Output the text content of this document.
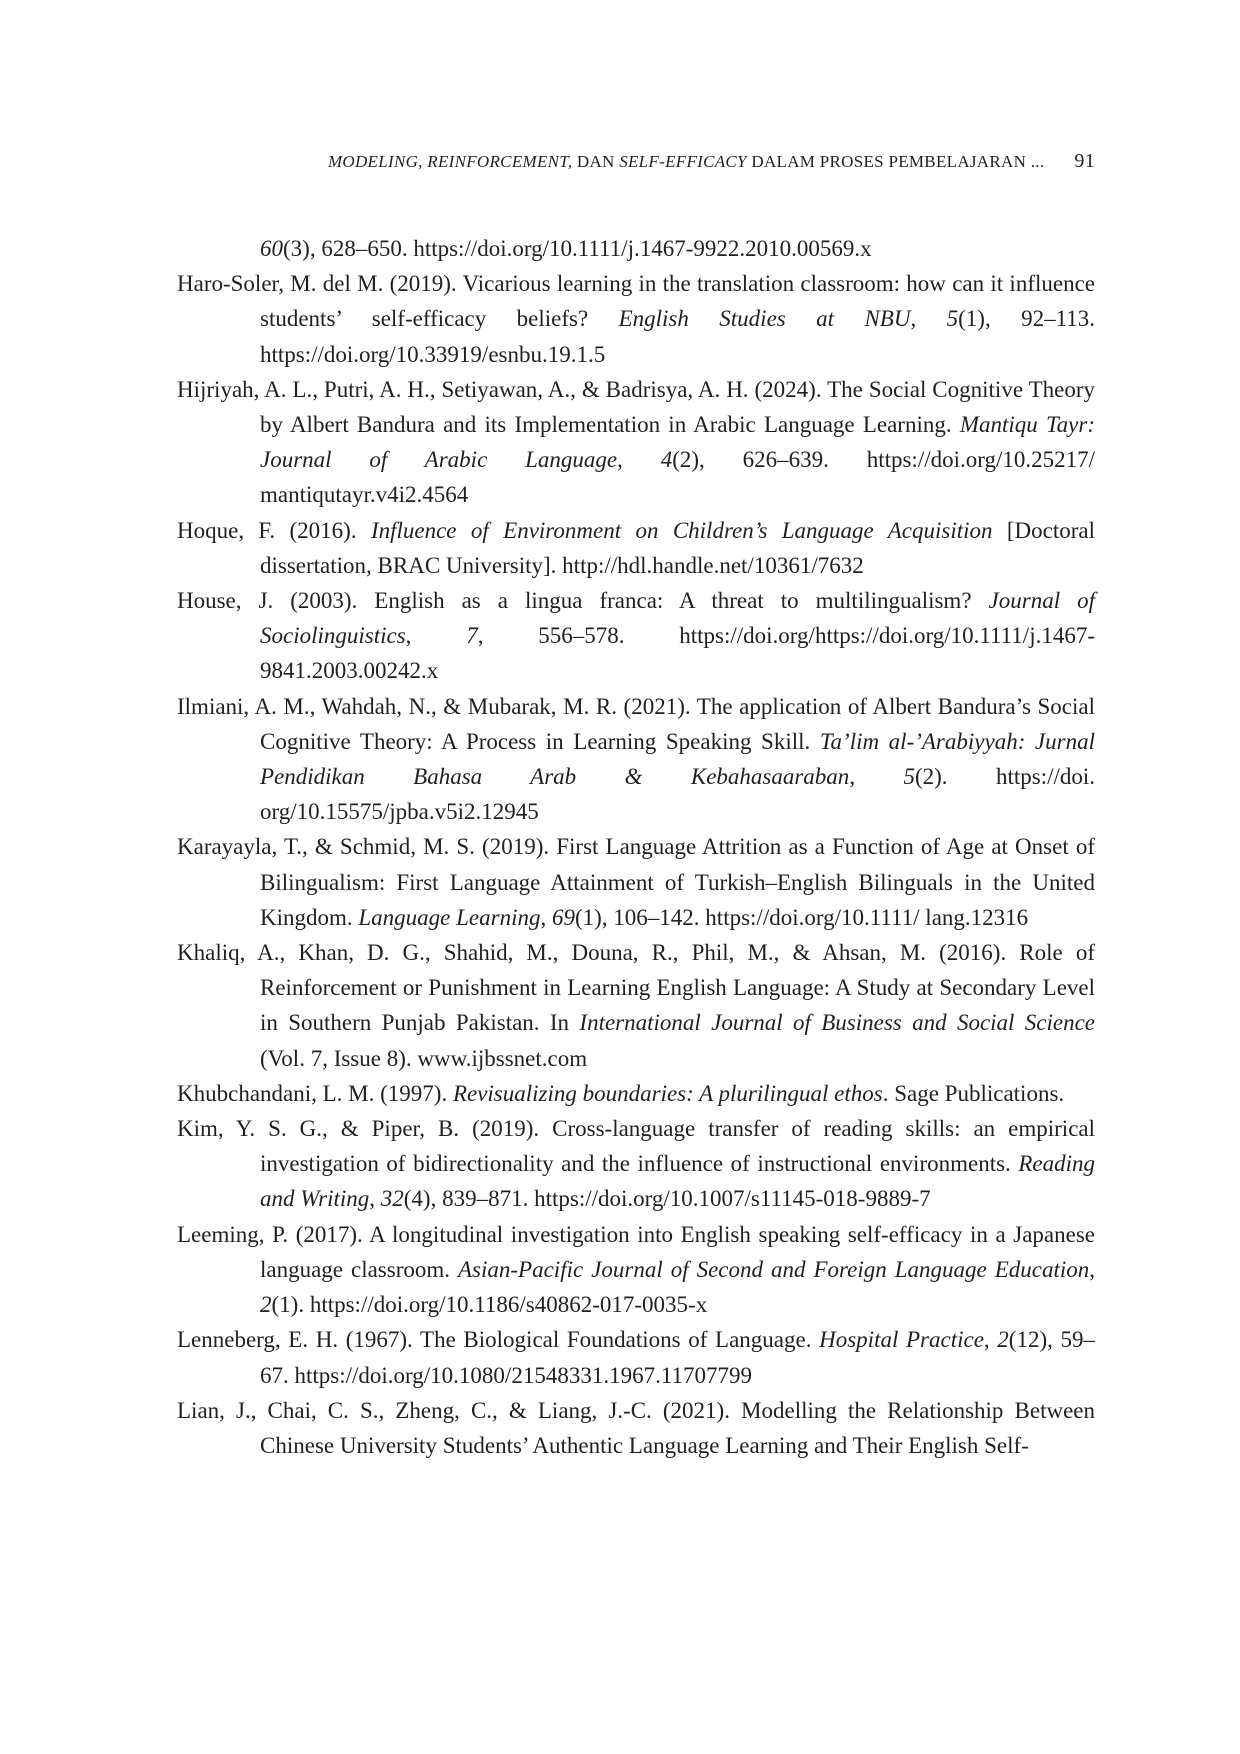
MODELING, REINFORCEMENT, DAN SELF-EFFICACY DALAM PROSES PEMBELAJARAN ... 91

60(3), 628–650. https://doi.org/10.1111/j.1467-9922.2010.00569.x

Haro-Soler, M. del M. (2019). Vicarious learning in the translation classroom: how can it influence students’ self-efficacy beliefs? English Studies at NBU, 5(1), 92–113. https://doi.org/10.33919/esnbu.19.1.5

Hijriyah, A. L., Putri, A. H., Setiyawan, A., & Badrisya, A. H. (2024). The Social Cognitive Theory by Albert Bandura and its Implementation in Arabic Language Learning. Mantiqu Tayr: Journal of Arabic Language, 4(2), 626–639. https://doi.org/10.25217/ mantiqutayr.v4i2.4564

Hoque, F. (2016). Influence of Environment on Children’s Language Acquisition [Doctoral dissertation, BRAC University]. http://hdl.handle.net/10361/7632

House, J. (2003). English as a lingua franca: A threat to multilingualism? Journal of Sociolinguistics, 7, 556–578. https://doi.org/https://doi.org/10.1111/j.1467-9841.2003.00242.x

Ilmiani, A. M., Wahdah, N., & Mubarak, M. R. (2021). The application of Albert Bandura’s Social Cognitive Theory: A Process in Learning Speaking Skill. Ta’lim al-’Arabiyyah: Jurnal Pendidikan Bahasa Arab & Kebahasaaraban, 5(2). https://doi. org/10.15575/jpba.v5i2.12945

Karayayla, T., & Schmid, M. S. (2019). First Language Attrition as a Function of Age at Onset of Bilingualism: First Language Attainment of Turkish–English Bilinguals in the United Kingdom. Language Learning, 69(1), 106–142. https://doi.org/10.1111/ lang.12316

Khaliq, A., Khan, D. G., Shahid, M., Douna, R., Phil, M., & Ahsan, M. (2016). Role of Reinforcement or Punishment in Learning English Language: A Study at Secondary Level in Southern Punjab Pakistan. In International Journal of Business and Social Science (Vol. 7, Issue 8). www.ijbssnet.com

Khubchandani, L. M. (1997). Revisualizing boundaries: A plurilingual ethos. Sage Publications.

Kim, Y. S. G., & Piper, B. (2019). Cross-language transfer of reading skills: an empirical investigation of bidirectionality and the influence of instructional environments. Reading and Writing, 32(4), 839–871. https://doi.org/10.1007/s11145-018-9889-7

Leeming, P. (2017). A longitudinal investigation into English speaking self-efficacy in a Japanese language classroom. Asian-Pacific Journal of Second and Foreign Language Education, 2(1). https://doi.org/10.1186/s40862-017-0035-x

Lenneberg, E. H. (1967). The Biological Foundations of Language. Hospital Practice, 2(12), 59–67. https://doi.org/10.1080/21548331.1967.11707799

Lian, J., Chai, C. S., Zheng, C., & Liang, J.-C. (2021). Modelling the Relationship Between Chinese University Students’ Authentic Language Learning and Their English Self-
